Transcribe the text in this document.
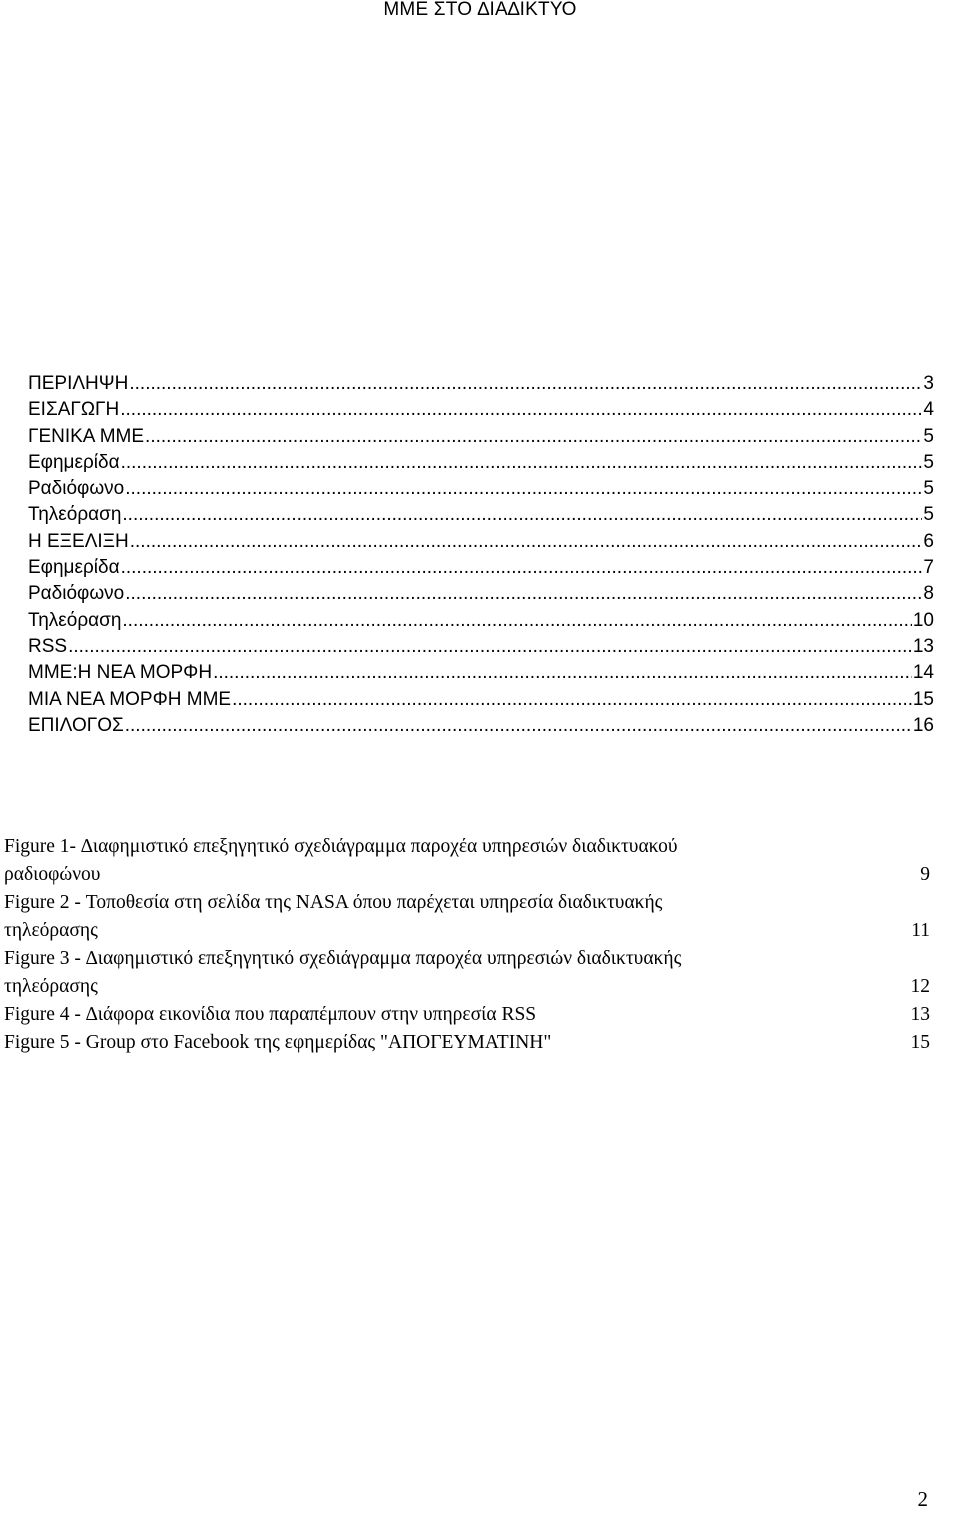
ΜΜΕ ΣΤΟ ∆ΙΑ∆ΙΚΤΥΟ
ΠΕΡΙΛΗΨΗ .....	3
ΕΙΣΑΓΩΓΗ .....	4
ΓΕΝΙΚΑ ΜΜΕ .....	5
Εφημερίδα .....	5
Ραδιόφωνο .....	5
Τηλεόραση .....	5
Η ΕΞΕΛΙΞΗ .....	6
Εφημερίδα .....	7
Ραδιόφωνο .....	8
Τηλεόραση .....	10
RSS .....	13
ΜΜΕ:Η ΝΕΑ ΜΟΡΦΗ .....	14
ΜΙΑ ΝΕΑ ΜΟΡΦΗ ΜΜΕ .....	15
ΕΠΙΛΟΓΟΣ .....	16
Figure 1- ∆ιαφημιστικό επεξηγητικό σχεδιάγραμμα παροχέα υπηρεσιών διαδικτυακού
ραδιοφώνου	9
Figure 2 - Τοποθεσία στη σελίδα της NASA όπου παρέχεται υπηρεσία διαδικτυακής
τηλεόρασης	11
Figure 3 - ∆ιαφημιστικό επεξηγητικό σχεδιάγραμμα παροχέα υπηρεσιών διαδικτυακής
τηλεόρασης	12
Figure 4 - ∆ιάφορα εικονίδια που παραπέμπουν στην υπηρεσία RSS	13
Figure 5 - Group στο Facebook της εφημερίδας "ΑΠΟΓΕΥΜΑΤΙΝΗ"	15
2
